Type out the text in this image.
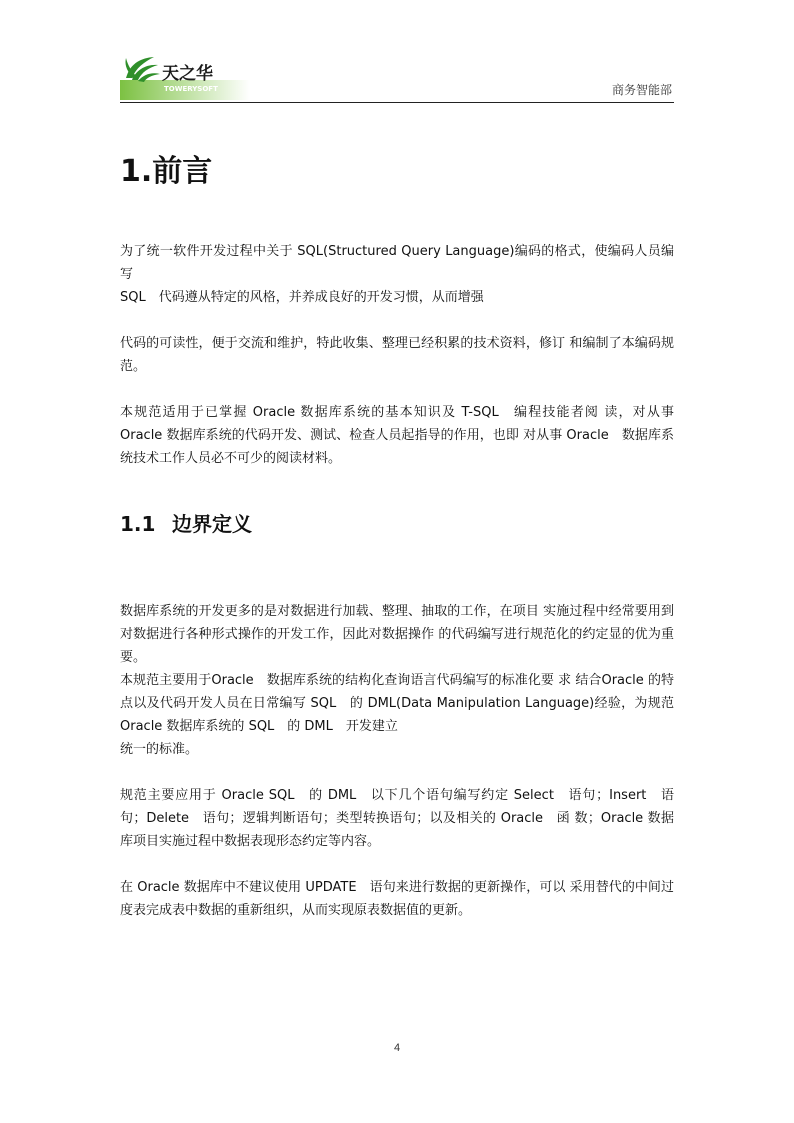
天之华
TOWERYSOFT	商务智能部
1.前言

为了统一软件开发过程中关于 SQL(Structured Query Language)编码的格式，使编码人员编写

SQL　代码遵从特定的风格，并养成良好的开发习惯，从而增强

代码的可读性，便于交流和维护，特此收集、整理已经积累的技术资料，修订 和编制了本编码规范。

本规范适用于已掌握 Oracle 数据库系统的基本知识及 T-SQL　编程技能者阅 读，对从事 Oracle 数据库系统的代码开发、测试、检查人员起指导的作用，也即 对从事 Oracle　数据库系统技术工作人员必不可少的阅读材料。

1.1 边界定义

数据库系统的开发更多的是对数据进行加载、整理、抽取的工作，在项目 实施过程中经常要用到对数据进行各种形式操作的开发工作，因此对数据操作 的代码编写进行规范化的约定显的优为重要。

本规范主要用于Oracle　数据库系统的结构化查询语言代码编写的标准化要 求 结合Oracle 的特点以及代码开发人员在日常编写 SQL　的 DML(Data Manipulation Language)经验，为规范 Oracle 数据库系统的 SQL　的 DML　开发建立

统一的标准。

规范主要应用于 Oracle SQL　的 DML　以下几个语句编写约定 Select　语句；Insert　语句；Delete　语句；逻辑判断语句；类型转换语句；以及相关的 Oracle　函 数；Oracle 数据库项目实施过程中数据表现形态约定等内容。

在 Oracle 数据库中不建议使用 UPDATE　语句来进行数据的更新操作，可以 采用替代的中间过度表完成表中数据的重新组织，从而实现原表数据值的更新。

4
